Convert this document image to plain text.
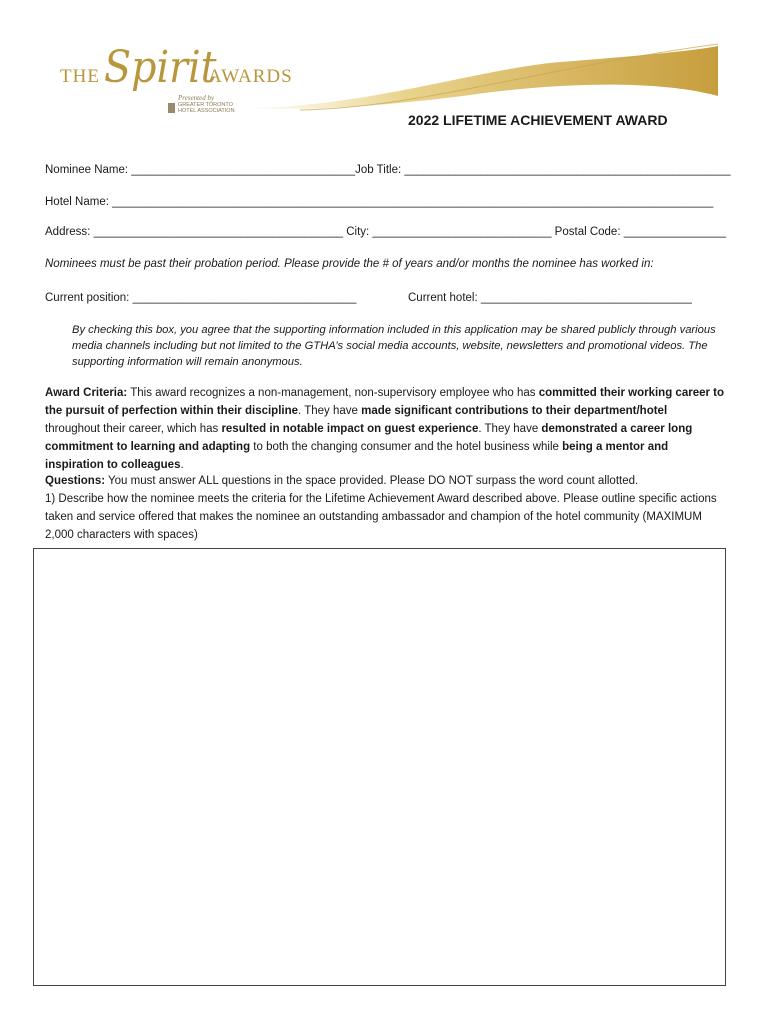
THE Spirit
AWARDS
Presented by
GREATER TORONTO
HOTEL ASSOCIATION
2022 LIFETIME ACHIEVEMENT AWARD
Nominee Name: ___________________________________Job Title: ___________________________________________________
Hotel Name: ______________________________________________________________________________________________
Address: _______________________________________ City: ____________________________ Postal Code: ________________
Nominees must be past their probation period. Please provide the # of years and/or months the nominee has worked in:
Current position: ___________________________________	Current hotel: _________________________________
By checking this box, you agree that the supporting information included in this application may be shared publicly through various media channels including but not limited to the GTHA’s social media accounts, website, newsletters and promotional videos. The supporting information will remain anonymous.
Award Criteria: This award recognizes a non-management, non-supervisory employee who has committed their working career to the pursuit of perfection within their discipline. They have made significant contributions to their department/hotel throughout their career, which has resulted in notable impact on guest experience. They have demonstrated a career long commitment to learning and adapting to both the changing consumer and the hotel business while being a mentor and inspiration to colleagues.
Questions: You must answer ALL questions in the space provided. Please DO NOT surpass the word count allotted.
1) Describe how the nominee meets the criteria for the Lifetime Achievement Award described above. Please outline specific actions taken and service offered that makes the nominee an outstanding ambassador and champion of the hotel community (MAXIMUM 2,000 characters with spaces)
